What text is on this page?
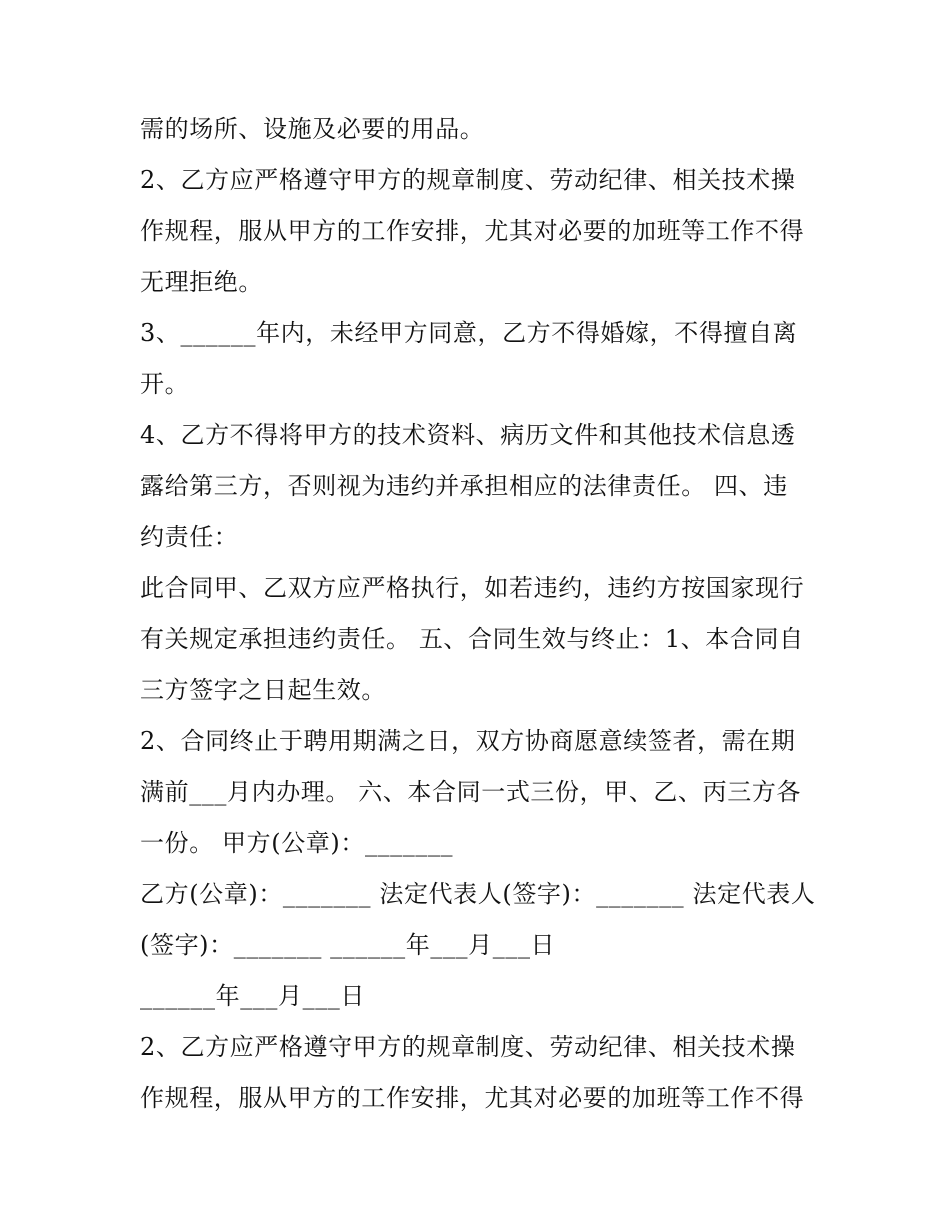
需的场所、设施及必要的用品。
2、乙方应严格遵守甲方的规章制度、劳动纪律、相关技术操
作规程，服从甲方的工作安排，尤其对必要的加班等工作不得
无理拒绝。
3、______年内，未经甲方同意，乙方不得婚嫁，不得擅自离
开。
4、乙方不得将甲方的技术资料、病历文件和其他技术信息透
露给第三方，否则视为违约并承担相应的法律责任。 四、违
约责任：
此合同甲、乙双方应严格执行，如若违约，违约方按国家现行
有关规定承担违约责任。 五、合同生效与终止：1、本合同自
三方签字之日起生效。
2、合同终止于聘用期满之日，双方协商愿意续签者，需在期
满前___月内办理。 六、本合同一式三份，甲、乙、丙三方各
一份。 甲方(公章)：_______
乙方(公章)：_______ 法定代表人(签字)：_______ 法定代表人
(签字)：_______ ______年___月___日
______年___月___日
2、乙方应严格遵守甲方的规章制度、劳动纪律、相关技术操
作规程，服从甲方的工作安排，尤其对必要的加班等工作不得
